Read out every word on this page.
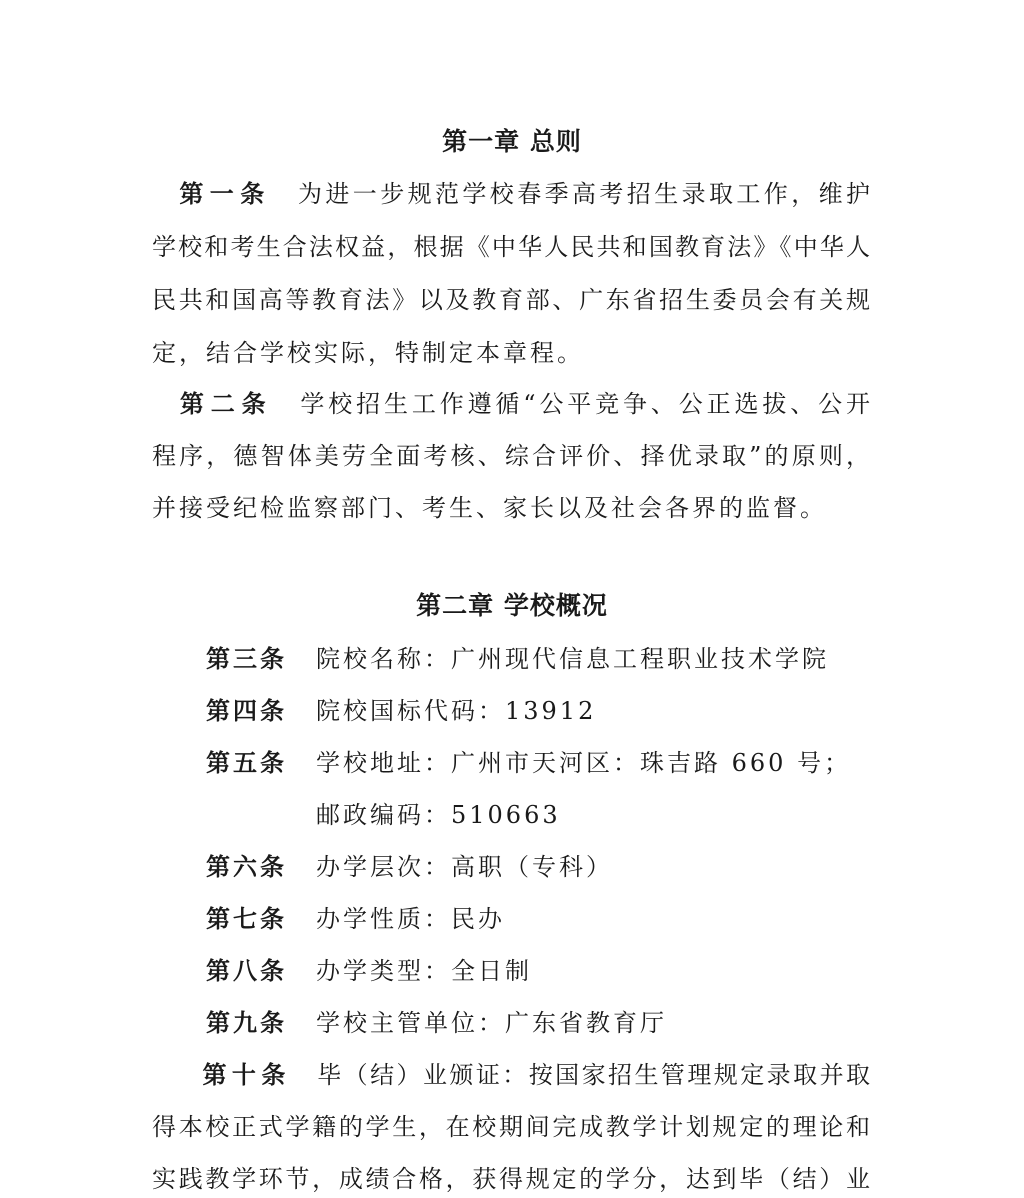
第一章 总则

第一条 为进一步规范学校春季高考招生录取工作，维护

学校和考生合法权益，根据《中华人民共和国教育法》《中华人

民共和国高等教育法》以及教育部、广东省招生委员会有关规

定，结合学校实际，特制定本章程。

第二条 学校招生工作遵循“公平竞争、公正选拔、公开

程序，德智体美劳全面考核、综合评价、择优录取”的原则，

并接受纪检监察部门、考生、家长以及社会各界的监督。

第二章 学校概况

第三条 院校名称：广州现代信息工程职业技术学院

第四条 院校国标代码：13912

第五条 学校地址：广州市天河区：珠吉路 660 号；

邮政编码：510663

第六条 办学层次：高职（专科）

第七条 办学性质：民办

第八条 办学类型：全日制

第九条 学校主管单位：广东省教育厅

第十条 毕（结）业颁证：按国家招生管理规定录取并取

得本校正式学籍的学生，在校期间完成教学计划规定的理论和

实践教学环节，成绩合格，获得规定的学分，达到毕（结）业
